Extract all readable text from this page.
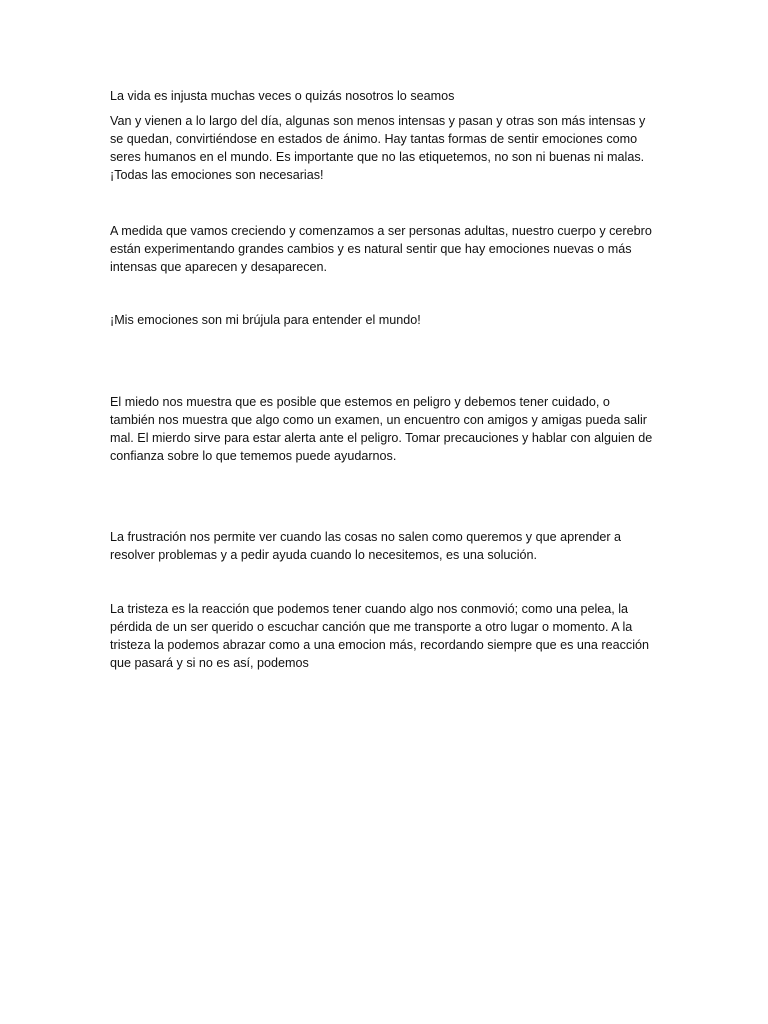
La vida es injusta muchas veces o quizás nosotros lo seamos

Van y vienen a lo largo del día, algunas son menos intensas y pasan y otras son más intensas y se quedan, convirtiéndose en estados de ánimo. Hay tantas formas de sentir emociones como seres humanos en el mundo. Es importante que no las etiquetemos, no son ni buenas ni malas. ¡Todas las emociones son necesarias!

A medida que vamos creciendo y comenzamos a ser personas adultas, nuestro cuerpo y cerebro están experimentando grandes cambios y es natural sentir que hay emociones nuevas o más intensas que aparecen y desaparecen.

¡Mis emociones son mi brújula para entender el mundo!

El miedo nos muestra que es posible que estemos en peligro y debemos tener cuidado, o también nos muestra que algo como un examen, un encuentro con amigos y amigas pueda salir mal. El mierdo sirve para estar alerta ante el peligro. Tomar precauciones y hablar con alguien de confianza sobre lo que tememos puede ayudarnos.

La frustración nos permite ver cuando las cosas no salen como queremos y que aprender a resolver problemas y a pedir ayuda cuando lo necesitemos, es una solución.

La tristeza es la reacción que podemos tener cuando algo nos conmovió; como una pelea, la pérdida de un ser querido o escuchar canción que me transporte a otro lugar o momento. A la tristeza la podemos abrazar como a una emocion más, recordando siempre que es una reacción que pasará y si no es así, podemos
